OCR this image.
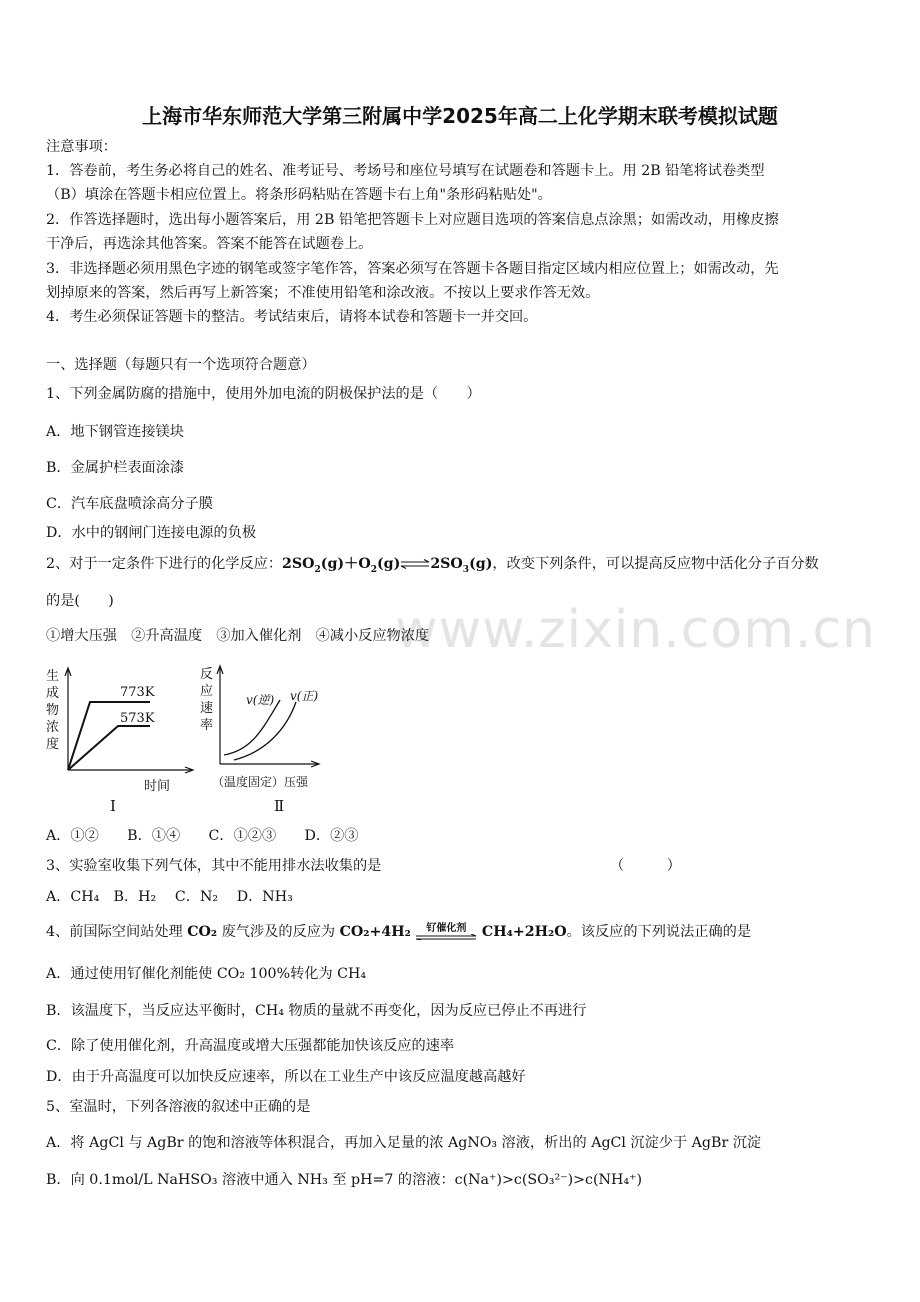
www.zixin.com.cn
上海市华东师范大学第三附属中学2025年高二上化学期末联考模拟试题
注意事项：
1．答卷前，考生务必将自己的姓名、准考证号、考场号和座位号填写在试题卷和答题卡上。用 2B 铅笔将试卷类型
（B）填涂在答题卡相应位置上。将条形码粘贴在答题卡右上角"条形码粘贴处"。
2．作答选择题时，选出每小题答案后，用 2B 铅笔把答题卡上对应题目选项的答案信息点涂黑；如需改动，用橡皮擦
干净后，再选涂其他答案。答案不能答在试题卷上。
3．非选择题必须用黑色字迹的钢笔或签字笔作答，答案必须写在答题卡各题目指定区域内相应位置上；如需改动，先
划掉原来的答案，然后再写上新答案；不准使用铅笔和涂改液。不按以上要求作答无效。
4．考生必须保证答题卡的整洁。考试结束后，请将本试卷和答题卡一并交回。
一、选择题（每题只有一个选项符合题意）
1、下列金属防腐的措施中，使用外加电流的阴极保护法的是（　　）
A．地下钢管连接镁块
B．金属护栏表面涂漆
C．汽车底盘喷涂高分子膜
D．水中的钢闸门连接电源的负极
2、对于一定条件下进行的化学反应：$2SO_2(g)+O_2(g)\rightleftharpoons 2SO_3(g)$，改变下列条件，可以提高反应物中活化分子百分数
的是(　　)
①增大压强　②升高温度　③加入催化剂　④减小反应物浓度
生
成
物
浓
度
773K
573K
时间
Ⅰ
反
应
速
率
v(逆) v(正)
（温度固定）压强
Ⅱ
A．①②　　B．①④　　C．①②③　　D．②③
3、实验室收集下列气体，其中不能用排水法收集的是	（　　　）
A．CH₄　B．H₂　 C．N₂　 D．NH₃
4、前国际空间站处理 CO₂ 废气涉及的反应为 CO₂+4H₂	钌催化剂	CH₄+2H₂O。该反应的下列说法正确的是
A．通过使用钌催化剂能使 CO₂ 100%转化为 CH₄
B．该温度下，当反应达平衡时，CH₄ 物质的量就不再变化，因为反应已停止不再进行
C．除了使用催化剂，升高温度或增大压强都能加快该反应的速率
D．由于升高温度可以加快反应速率，所以在工业生产中该反应温度越高越好
5、室温时，下列各溶液的叙述中正确的是
A．将 AgCl 与 AgBr 的饱和溶液等体积混合，再加入足量的浓 AgNO₃ 溶液，析出的 AgCl 沉淀少于 AgBr 沉淀
B．向 0.1mol/L NaHSO₃ 溶液中通入 NH₃ 至 pH=7 的溶液：c(Na⁺)>c(SO₃²⁻)>c(NH₄⁺)
